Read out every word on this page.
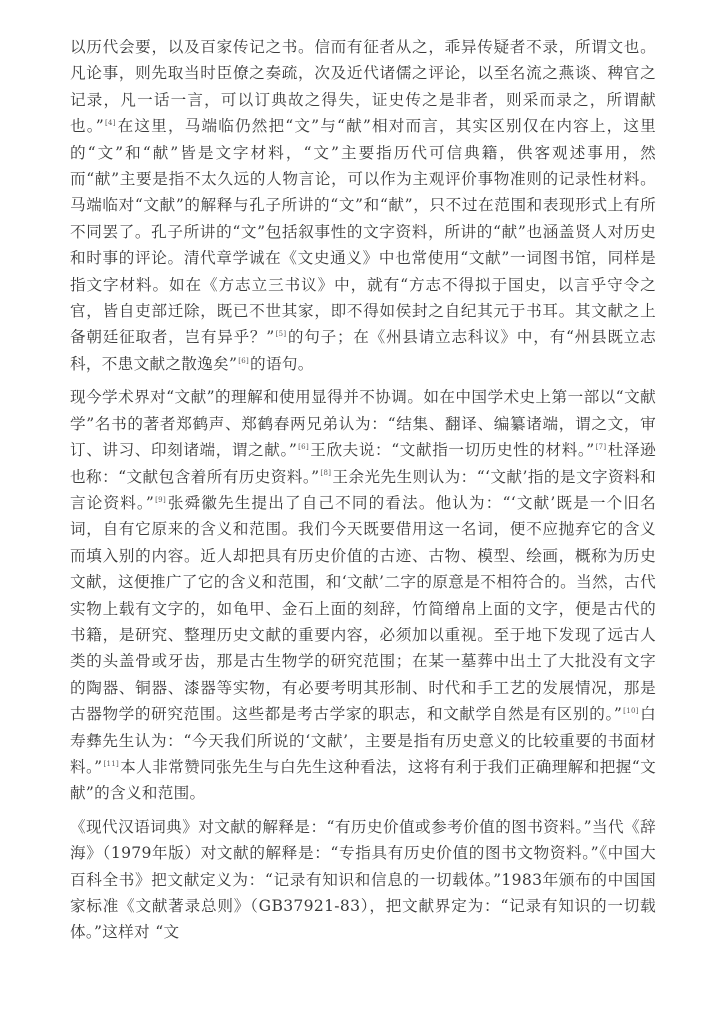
以历代会要，以及百家传记之书。信而有征者从之，乖异传疑者不录，所谓文也。凡论事，则先取当时臣僚之奏疏，次及近代诸儒之评论，以至名流之燕谈、稗官之记录，凡一话一言，可以订典故之得失，证史传之是非者，则采而录之，所谓献也。”[4]在这里，马端临仍然把“文”与“献”相对而言，其实区别仅在内容上，这里的“文”和“献”皆是文字材料，“文”主要指历代可信典籍，供客观述事用，然而“献”主要是指不太久远的人物言论，可以作为主观评价事物准则的记录性材料。马端临对“文献”的解释与孔子所讲的“文”和“献”，只不过在范围和表现形式上有所不同罢了。孔子所讲的“文”包括叙事性的文字资料，所讲的“献”也涵盖贤人对历史和时事的评论。清代章学诚在《文史通义》中也常使用“文献”一词图书馆，同样是指文字材料。如在《方志立三书议》中，就有“方志不得拟于国史，以言乎守令之官，皆自吏部迁除，既已不世其家，即不得如侯封之自纪其元于书耳。其文献之上备朝廷征取者，岂有异乎？”[5]的句子；在《州县请立志科议》中，有“州县既立志科，不患文献之散逸矣”[6]的语句。

现今学术界对“文献”的理解和使用显得并不协调。如在中国学术史上第一部以“文献学”名书的著者郑鹤声、郑鹤春两兄弟认为：“结集、翻译、编纂诸端，谓之文，审订、讲习、印刻诸端，谓之献。”[6]王欣夫说：“文献指一切历史性的材料。”[7]杜泽逊也称：“文献包含着所有历史资料。”[8]王余光先生则认为：“‘文献’指的是文字资料和言论资料。”[9]张舜徽先生提出了自己不同的看法。他认为：“‘文献’既是一个旧名词，自有它原来的含义和范围。我们今天既要借用这一名词，便不应抛弃它的含义而填入别的内容。近人却把具有历史价值的古迹、古物、模型、绘画，概称为历史文献，这便推广了它的含义和范围，和‘文献’二字的原意是不相符合的。当然，古代实物上载有文字的，如龟甲、金石上面的刻辞，竹简缯帛上面的文字，便是古代的书籍，是研究、整理历史文献的重要内容，必须加以重视。至于地下发现了远古人类的头盖骨或牙齿，那是古生物学的研究范围；在某一墓葬中出土了大批没有文字的陶器、铜器、漆器等实物，有必要考明其形制、时代和手工艺的发展情况，那是古器物学的研究范围。这些都是考古学家的职志，和文献学自然是有区别的。”[10]白寿彝先生认为：“今天我们所说的‘文献’，主要是指有历史意义的比较重要的书面材料。”[11]本人非常赞同张先生与白先生这种看法，这将有利于我们正确理解和把握“文献”的含义和范围。

《现代汉语词典》对文献的解释是：“有历史价值或参考价值的图书资料。”当代《辞海》（1979年版）对文献的解释是：“专指具有历史价值的图书文物资料。”《中国大百科全书》把文献定义为：“记录有知识和信息的一切载体。”1983年颁布的中国国家标准《文献著录总则》（GB37921-83），把文献界定为：“记录有知识的一切载体。”这样对 “文
